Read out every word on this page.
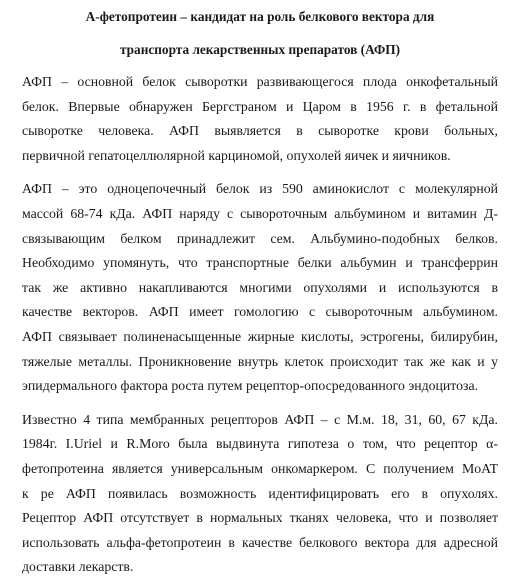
А-фетопротеин – кандидат на роль белкового вектора для
транспорта лекарственных препаратов (АФП)

АФП – основной белок сыворотки развивающегося плода онкофетальный
белок. Впервые обнаружен Бергстраном и Царом в 1956 г. в фетальной
сыворотке человека. АФП выявляется в сыворотке крови больных,
первичной гепатоцеллюлярной карциномой, опухолей яичек и яичников.

АФП – это одноцепочечный белок из 590 аминокислот с молекулярной
массой 68-74 кДа. АФП наряду с сывороточным альбумином и витамин Д-
связывающим белком принадлежит сем. Альбумино-подобных белков.
Необходимо упомянуть, что транспортные белки альбумин и трансферрин
так же активно накапливаются многими опухолями и используются в
качестве векторов. АФП имеет гомологию с сывороточным альбумином.
АФП связывает полиненасыщенные жирные кислоты, эстрогены, билирубин,
тяжелые металлы. Проникновение внутрь клеток происходит так же как и у
эпидермального фактора роста путем рецептор-опосредованного эндоцитоза.

Известно 4 типа мембранных рецепторов АФП – с М.м. 18, 31, 60, 67 кДа.
1984г. I.Uriel и R.Moro была выдвинута гипотеза о том, что рецептор α-
фетопротеина является универсальным онкомаркером. С получением MoAT
к ре АФП появилась возможность идентифицировать его в опухолях.
Рецептор АФП отсутствует в нормальных тканях человека, что и позволяет
использовать альфа-фетопротеин в качестве белкового вектора для адресной
доставки лекарств.
